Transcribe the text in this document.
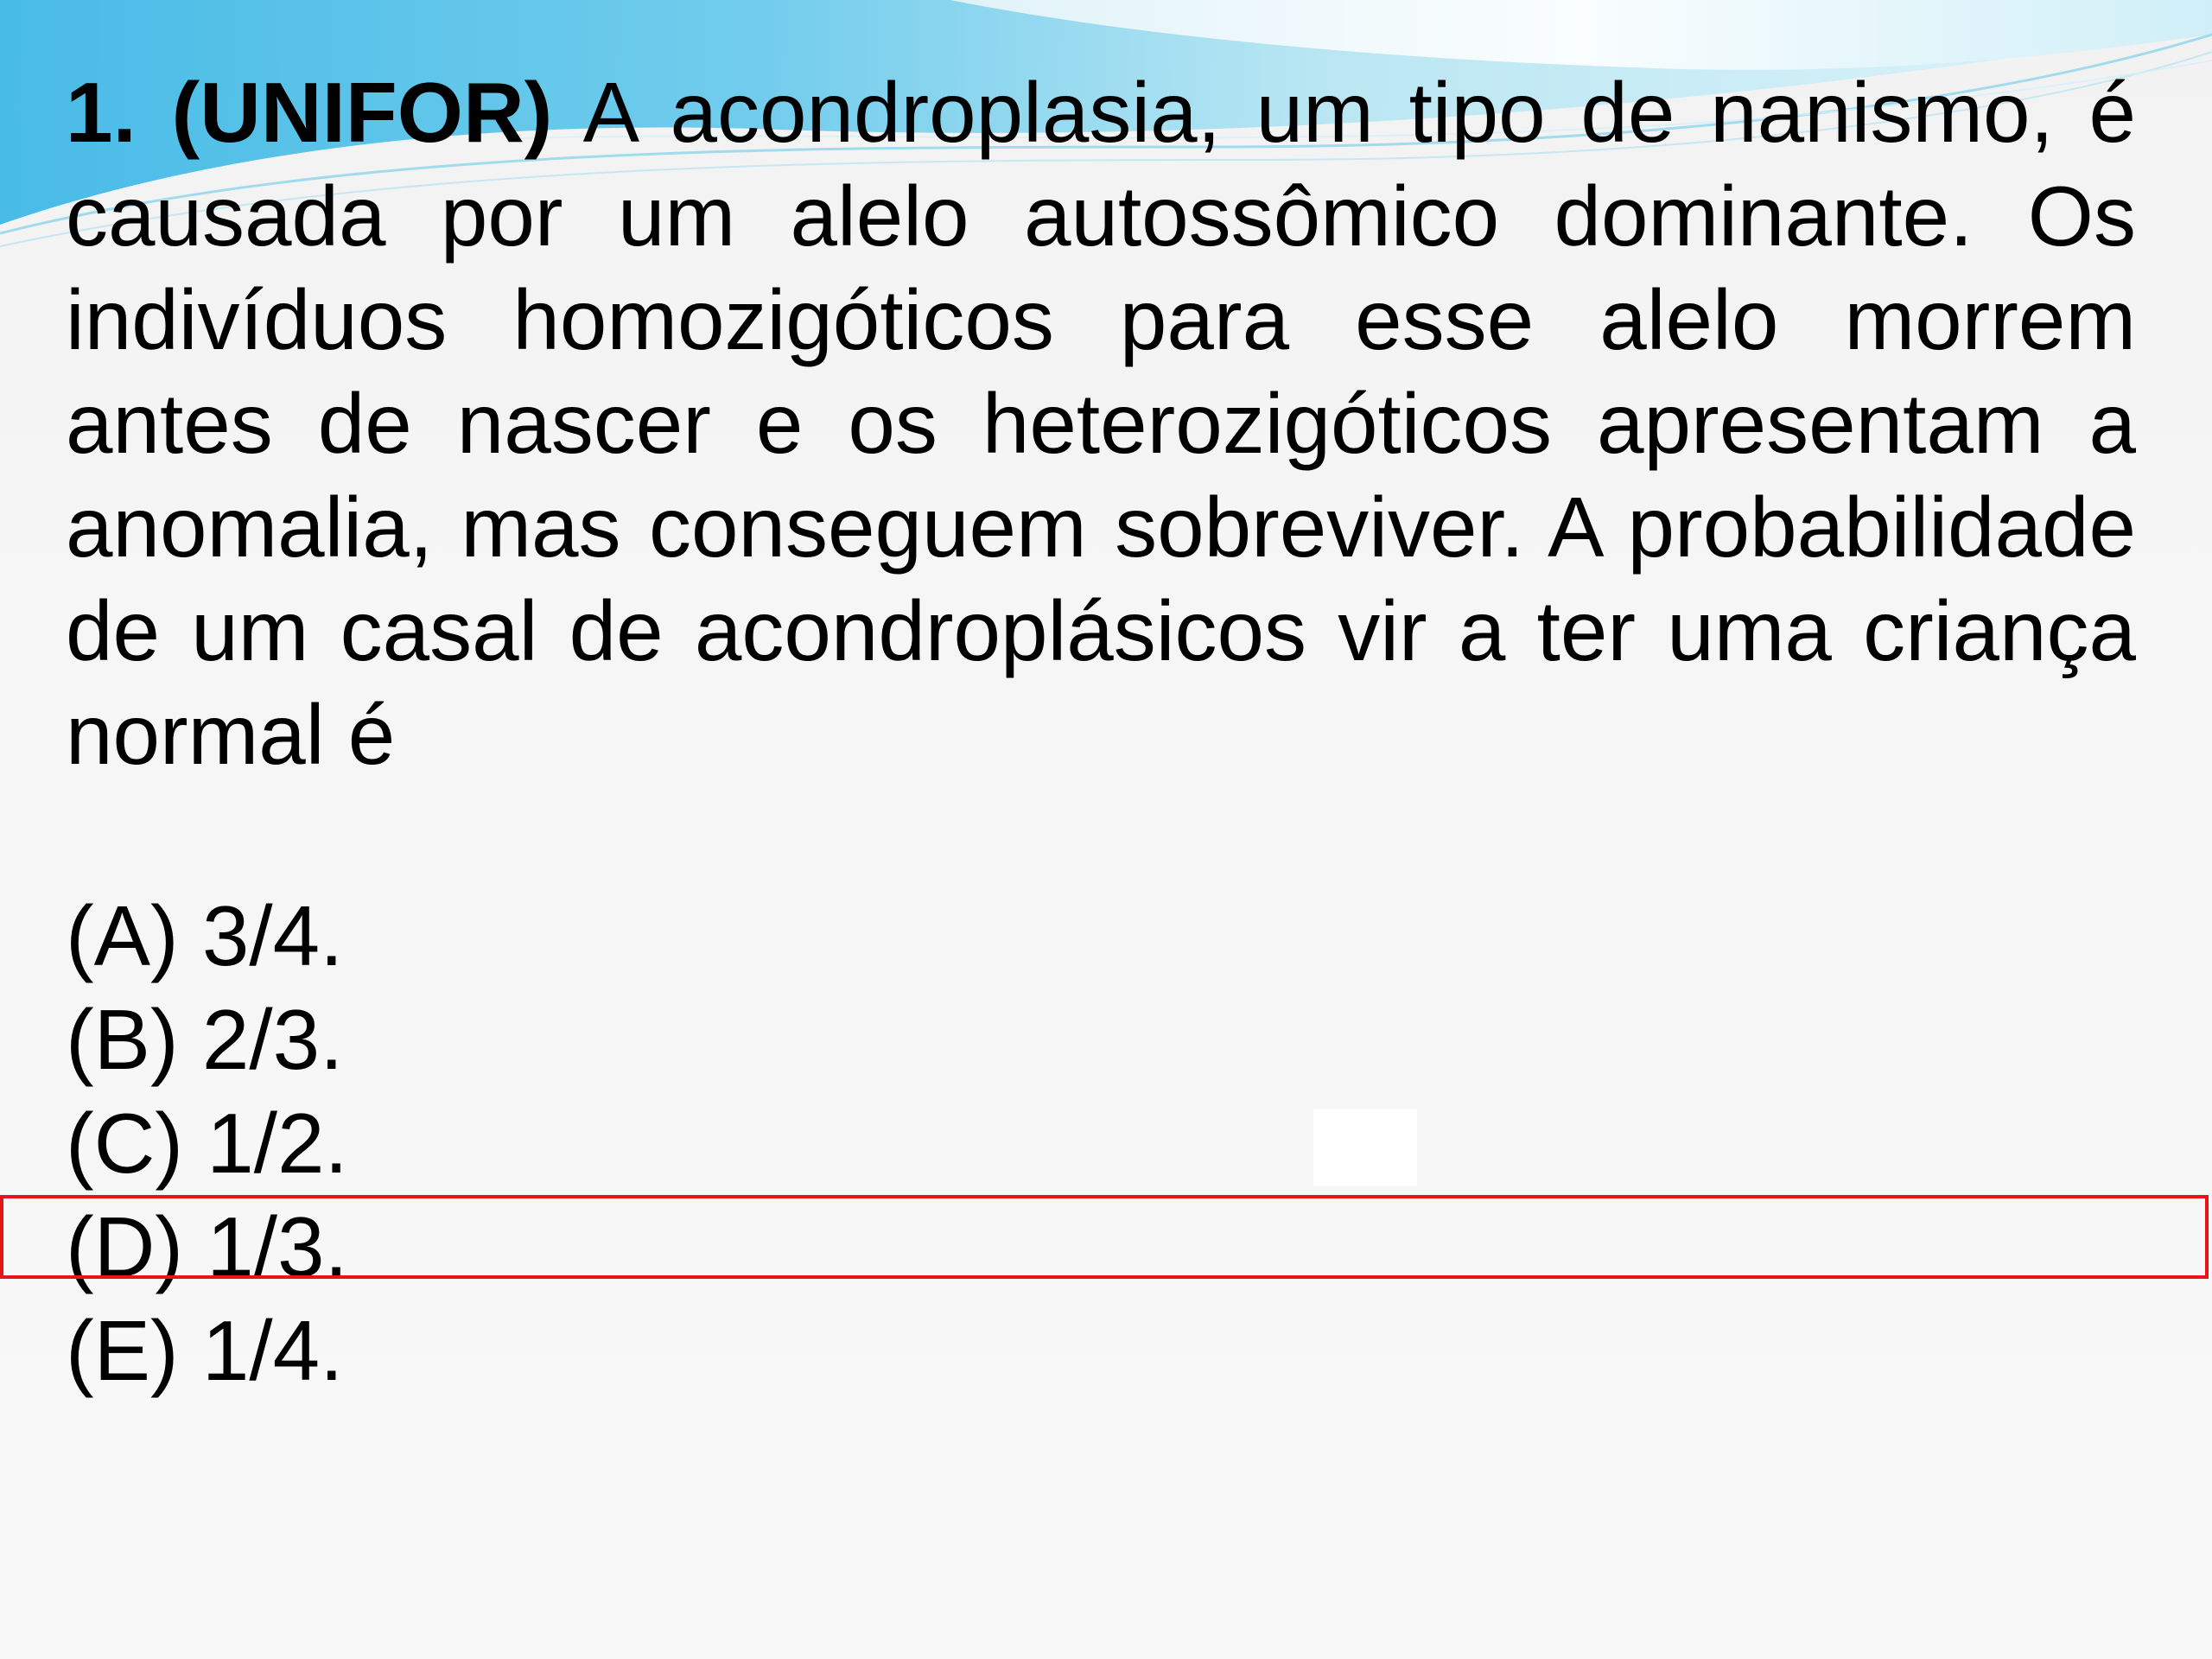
1. (UNIFOR) A acondroplasia, um tipo de nanismo, é causada por um alelo autossômico dominante. Os indivíduos homozigóticos para esse alelo morrem antes de nascer e os heterozigóticos apresentam a anomalia, mas conseguem sobreviver. A probabilidade de um casal de acondroplásicos vir a ter uma criança normal é

(A) 3/4.
(B) 2/3.
(C) 1/2.
(D) 1/3.
(E) 1/4.
